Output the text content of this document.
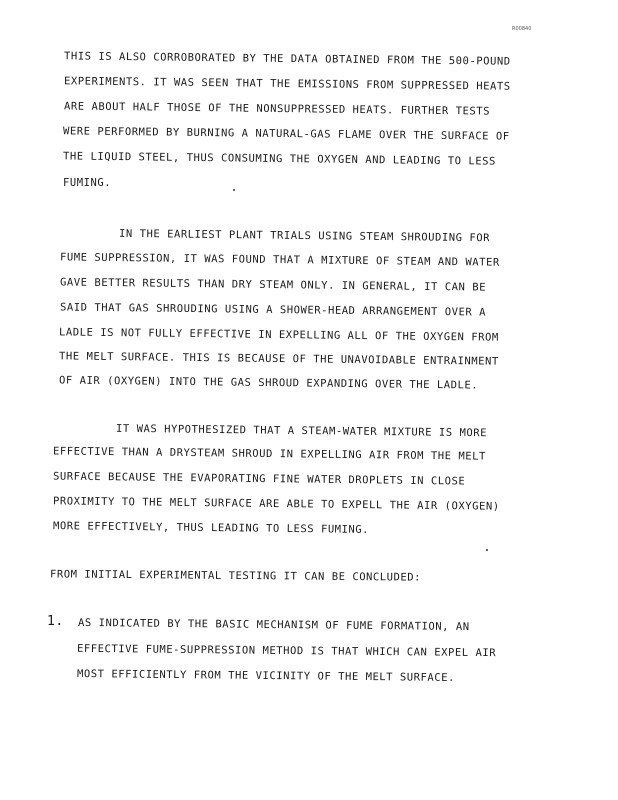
R00840
THIS IS ALSO CORROBORATED BY THE DATA OBTAINED FROM THE 500-POUND
EXPERIMENTS. IT WAS SEEN THAT THE EMISSIONS FROM SUPPRESSED HEATS
ARE ABOUT HALF THOSE OF THE NONSUPPRESSED HEATS. FURTHER TESTS
WERE PERFORMED BY BURNING A NATURAL-GAS FLAME OVER THE SURFACE OF
THE LIQUID STEEL, THUS CONSUMING THE OXYGEN AND LEADING TO LESS
FUMING.
IN THE EARLIEST PLANT TRIALS USING STEAM SHROUDING FOR
FUME SUPPRESSION, IT WAS FOUND THAT A MIXTURE OF STEAM AND WATER
GAVE BETTER RESULTS THAN DRY STEAM ONLY. IN GENERAL, IT CAN BE
SAID THAT GAS SHROUDING USING A SHOWER-HEAD ARRANGEMENT OVER A
LADLE IS NOT FULLY EFFECTIVE IN EXPELLING ALL OF THE OXYGEN FROM
THE MELT SURFACE. THIS IS BECAUSE OF THE UNAVOIDABLE ENTRAINMENT
OF AIR (OXYGEN) INTO THE GAS SHROUD EXPANDING OVER THE LADLE.
IT WAS HYPOTHESIZED THAT A STEAM-WATER MIXTURE IS MORE
EFFECTIVE THAN A DRYSTEAM SHROUD IN EXPELLING AIR FROM THE MELT
SURFACE BECAUSE THE EVAPORATING FINE WATER DROPLETS IN CLOSE
PROXIMITY TO THE MELT SURFACE ARE ABLE TO EXPELL THE AIR (OXYGEN)
MORE EFFECTIVELY, THUS LEADING TO LESS FUMING.
FROM INITIAL EXPERIMENTAL TESTING IT CAN BE CONCLUDED:
1. AS INDICATED BY THE BASIC MECHANISM OF FUME FORMATION, AN
EFFECTIVE FUME-SUPPRESSION METHOD IS THAT WHICH CAN EXPEL AIR
MOST EFFICIENTLY FROM THE VICINITY OF THE MELT SURFACE.
